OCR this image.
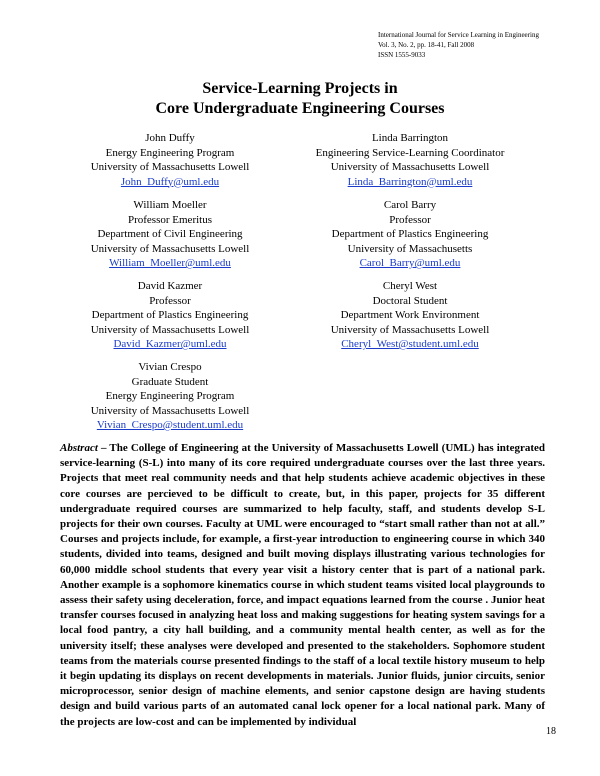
International Journal for Service Learning in Engineering
Vol. 3, No. 2, pp. 18-41, Fall 2008
ISSN 1555-9033
Service-Learning Projects in
Core Undergraduate Engineering Courses
John Duffy
Energy Engineering Program
University of Massachusetts Lowell
John_Duffy@uml.edu
Linda Barrington
Engineering Service-Learning Coordinator
University of Massachusetts Lowell
Linda_Barrington@uml.edu
William Moeller
Professor Emeritus
Department of Civil Engineering
University of Massachusetts Lowell
William_Moeller@uml.edu
Carol Barry
Professor
Department of Plastics Engineering
University of Massachusetts
Carol_Barry@uml.edu
David Kazmer
Professor
Department of Plastics Engineering
University of Massachusetts Lowell
David_Kazmer@uml.edu
Cheryl West
Doctoral Student
Department Work Environment
University of Massachusetts Lowell
Cheryl_West@student.uml.edu
Vivian Crespo
Graduate Student
Energy Engineering Program
University of Massachusetts Lowell
Vivian_Crespo@student.uml.edu
Abstract – The College of Engineering at the University of Massachusetts Lowell (UML) has integrated service-learning (S-L) into many of its core required undergraduate courses over the last three years. Projects that meet real community needs and that help students achieve academic objectives in these core courses are percieved to be difficult to create, but, in this paper, projects for 35 different undergraduate required courses are summarized to help faculty, staff, and students develop S-L projects for their own courses. Faculty at UML were encouraged to “start small rather than not at all.” Courses and projects include, for example, a first-year introduction to engineering course in which 340 students, divided into teams, designed and built moving displays illustrating various technologies for 60,000 middle school students that every year visit a history center that is part of a national park. Another example is a sophomore kinematics course in which student teams visited local playgrounds to assess their safety using deceleration, force, and impact equations learned from the course . Junior heat transfer courses focused in analyzing heat loss and making suggestions for heating system savings for a local food pantry, a city hall building, and a community mental health center, as well as for the university itself; these analyses were developed and presented to the stakeholders. Sophomore student teams from the materials course presented findings to the staff of a local textile history museum to help it begin updating its displays on recent developments in materials. Junior fluids, junior circuits, senior microprocessor, senior design of machine elements, and senior capstone design are having students design and build various parts of an automated canal lock opener for a local national park. Many of the projects are low-cost and can be implemented by individual
18
